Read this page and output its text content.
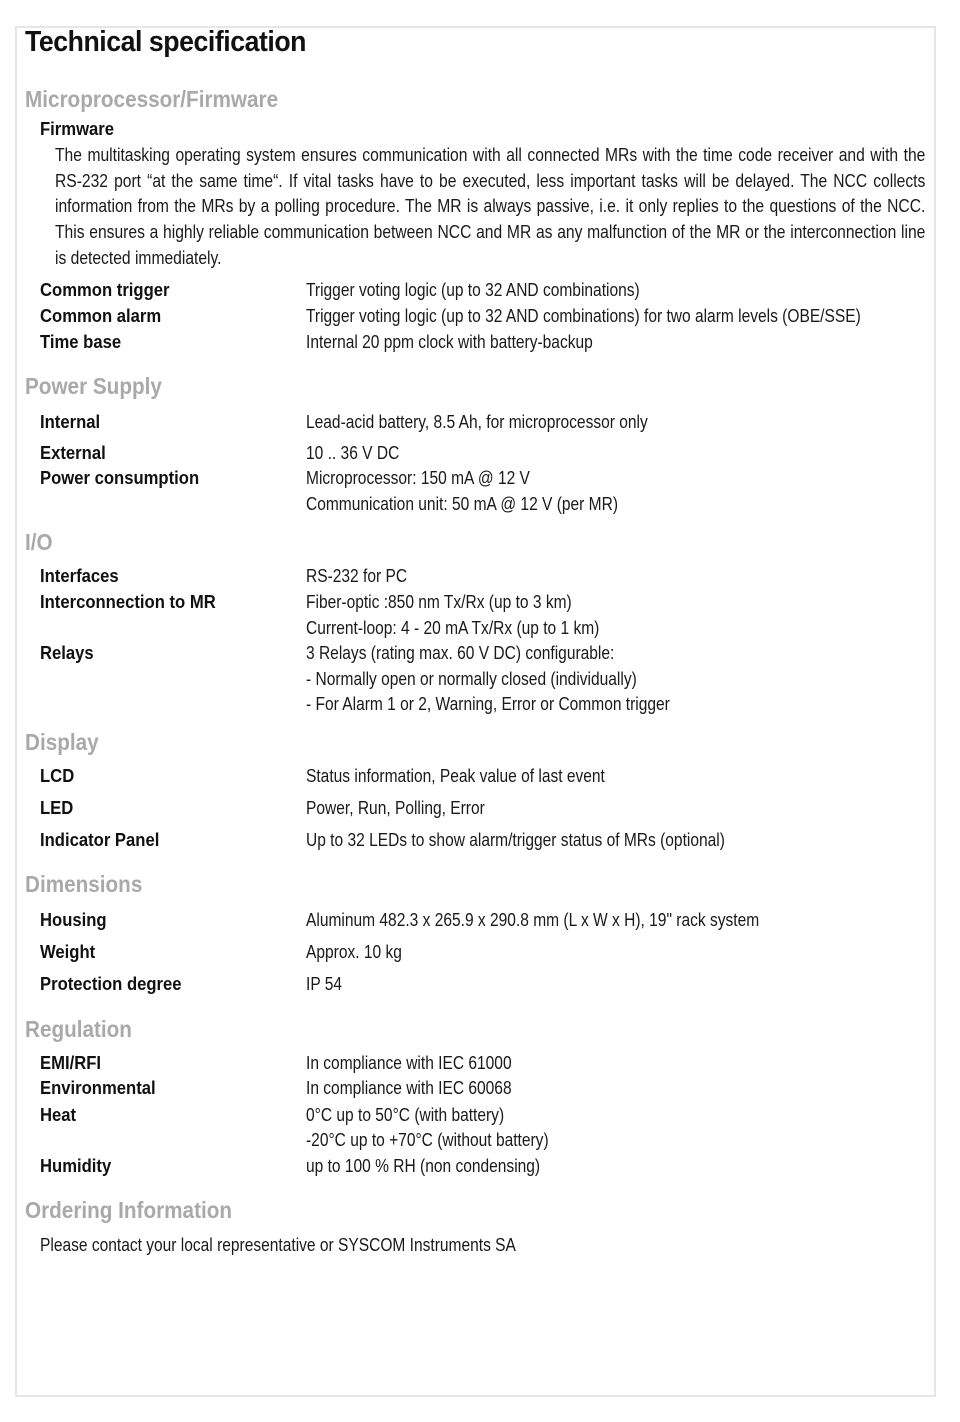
Technical specification
Microprocessor/Firmware
Firmware
The multitasking operating system ensures communication with all connected MRs with the time code receiver and with the RS-232 port “at the same time“. If vital tasks have to be executed, less important tasks will be delayed. The NCC collects information from the MRs by a polling procedure. The MR is always passive, i.e. it only replies to the questions of the NCC. This ensures a highly reliable communication between NCC and MR as any malfunction of the MR or the interconnection line is detected immediately.
Common trigger	Trigger voting logic (up to 32 AND combinations)
Common alarm	Trigger voting logic (up to 32 AND combinations) for two alarm levels (OBE/SSE)
Time base	Internal 20 ppm clock with battery-backup
Power Supply
Internal	Lead-acid battery, 8.5 Ah, for microprocessor only
External	10 .. 36 V DC
Power consumption	Microprocessor: 150 mA @ 12 V
Communication unit: 50 mA @ 12 V (per MR)
I/O
Interfaces	RS-232 for PC
Interconnection to MR	Fiber-optic :850 nm Tx/Rx (up to 3 km)
Current-loop: 4 - 20 mA Tx/Rx (up to 1 km)
Relays	3 Relays (rating max. 60 V DC) configurable:
- Normally open or normally closed (individually)
- For Alarm 1 or 2, Warning, Error or Common trigger
Display
LCD	Status information, Peak value of last event
LED	Power, Run, Polling, Error
Indicator Panel	Up to 32 LEDs to show alarm/trigger status of MRs (optional)
Dimensions
Housing	Aluminum 482.3 x 265.9 x 290.8 mm (L x W x H), 19" rack system
Weight	Approx. 10 kg
Protection degree	IP 54
Regulation
EMI/RFI	In compliance with IEC 61000
Environmental	In compliance with IEC 60068
Heat	0°C up to 50°C (with battery)
-20°C up to +70°C (without battery)
Humidity	up to 100 % RH (non condensing)
Ordering Information
Please contact your local representative or SYSCOM Instruments SA
